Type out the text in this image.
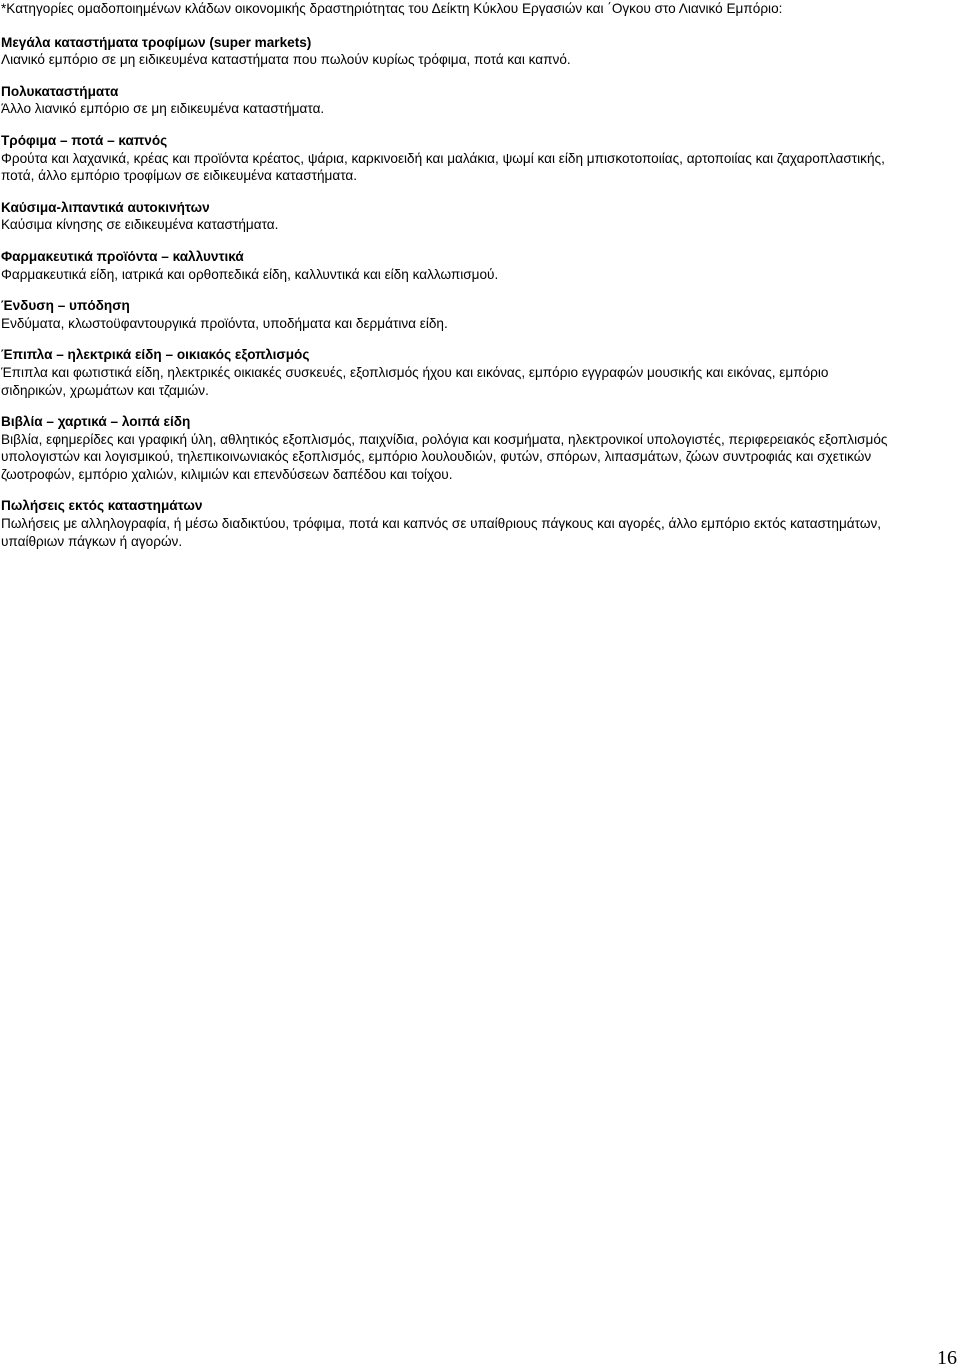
*Κατηγορίες ομαδοποιημένων κλάδων οικονομικής δραστηριότητας του Δείκτη Κύκλου Εργασιών και ΄Ογκου στο Λιανικό Εμπόριο:
Μεγάλα καταστήματα τροφίμων (super markets)
Λιανικό εμπόριο σε μη ειδικευμένα καταστήματα που πωλούν κυρίως τρόφιμα, ποτά και καπνό.
Πολυκαταστήματα
Άλλο λιανικό εμπόριο σε μη ειδικευμένα καταστήματα.
Τρόφιμα – ποτά – καπνός
Φρούτα και λαχανικά, κρέας και προϊόντα κρέατος, ψάρια, καρκινοειδή και μαλάκια, ψωμί και είδη μπισκοτοποιίας, αρτοποιίας και ζαχαροπλαστικής, ποτά, άλλο εμπόριο τροφίμων σε ειδικευμένα καταστήματα.
Καύσιμα-λιπαντικά αυτοκινήτων
Καύσιμα κίνησης σε ειδικευμένα καταστήματα.
Φαρμακευτικά προϊόντα – καλλυντικά
Φαρμακευτικά είδη, ιατρικά και ορθοπεδικά είδη, καλλυντικά και είδη καλλωπισμού.
Ένδυση – υπόδηση
Ενδύματα, κλωστοϋφαντουργικά προϊόντα, υποδήματα και δερμάτινα είδη.
Έπιπλα – ηλεκτρικά είδη – οικιακός εξοπλισμός
Έπιπλα και φωτιστικά είδη, ηλεκτρικές οικιακές συσκευές, εξοπλισμός ήχου και εικόνας, εμπόριο εγγραφών μουσικής και εικόνας, εμπόριο σιδηρικών, χρωμάτων και τζαμιών.
Βιβλία – χαρτικά – λοιπά είδη
Βιβλία, εφημερίδες και γραφική ύλη, αθλητικός εξοπλισμός, παιχνίδια, ρολόγια και κοσμήματα, ηλεκτρονικοί υπολογιστές, περιφερειακός εξοπλισμός υπολογιστών και λογισμικού, τηλεπικοινωνιακός εξοπλισμός, εμπόριο λουλουδιών, φυτών, σπόρων, λιπασμάτων, ζώων συντροφιάς και σχετικών ζωοτροφών, εμπόριο χαλιών, κιλιμιών και επενδύσεων δαπέδου και τοίχου.
Πωλήσεις εκτός καταστημάτων
Πωλήσεις με αλληλογραφία, ή μέσω διαδικτύου, τρόφιμα, ποτά και καπνός σε υπαίθριους πάγκους και αγορές, άλλο εμπόριο εκτός καταστημάτων, υπαίθριων πάγκων ή αγορών.
16
